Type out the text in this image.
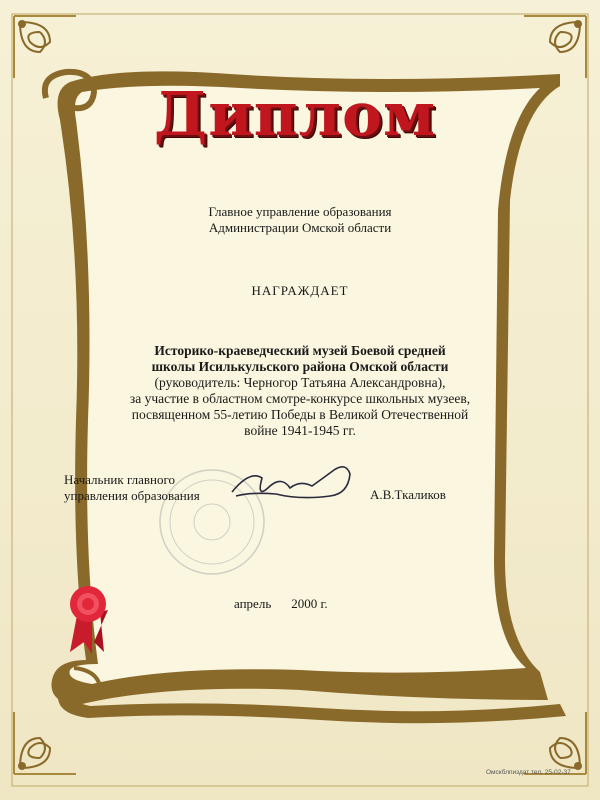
Диплом
Главное управление образования
Администрации Омской области
НАГРАЖДАЕТ
Историко-краеведческий музей Боевой средней
школы Исилькульского района Омской области
(руководитель: Черногор Татьяна Александровна),
за участие в областном смотре-конкурсе школьных музеев,
посвященном 55-летию Победы в Великой Отечественной
войне 1941-1945 гг.
Начальник главного
управления образования	А.В.Ткаликов
апрель 2000 г.
Омскблпиздат тел. 25-02-37
